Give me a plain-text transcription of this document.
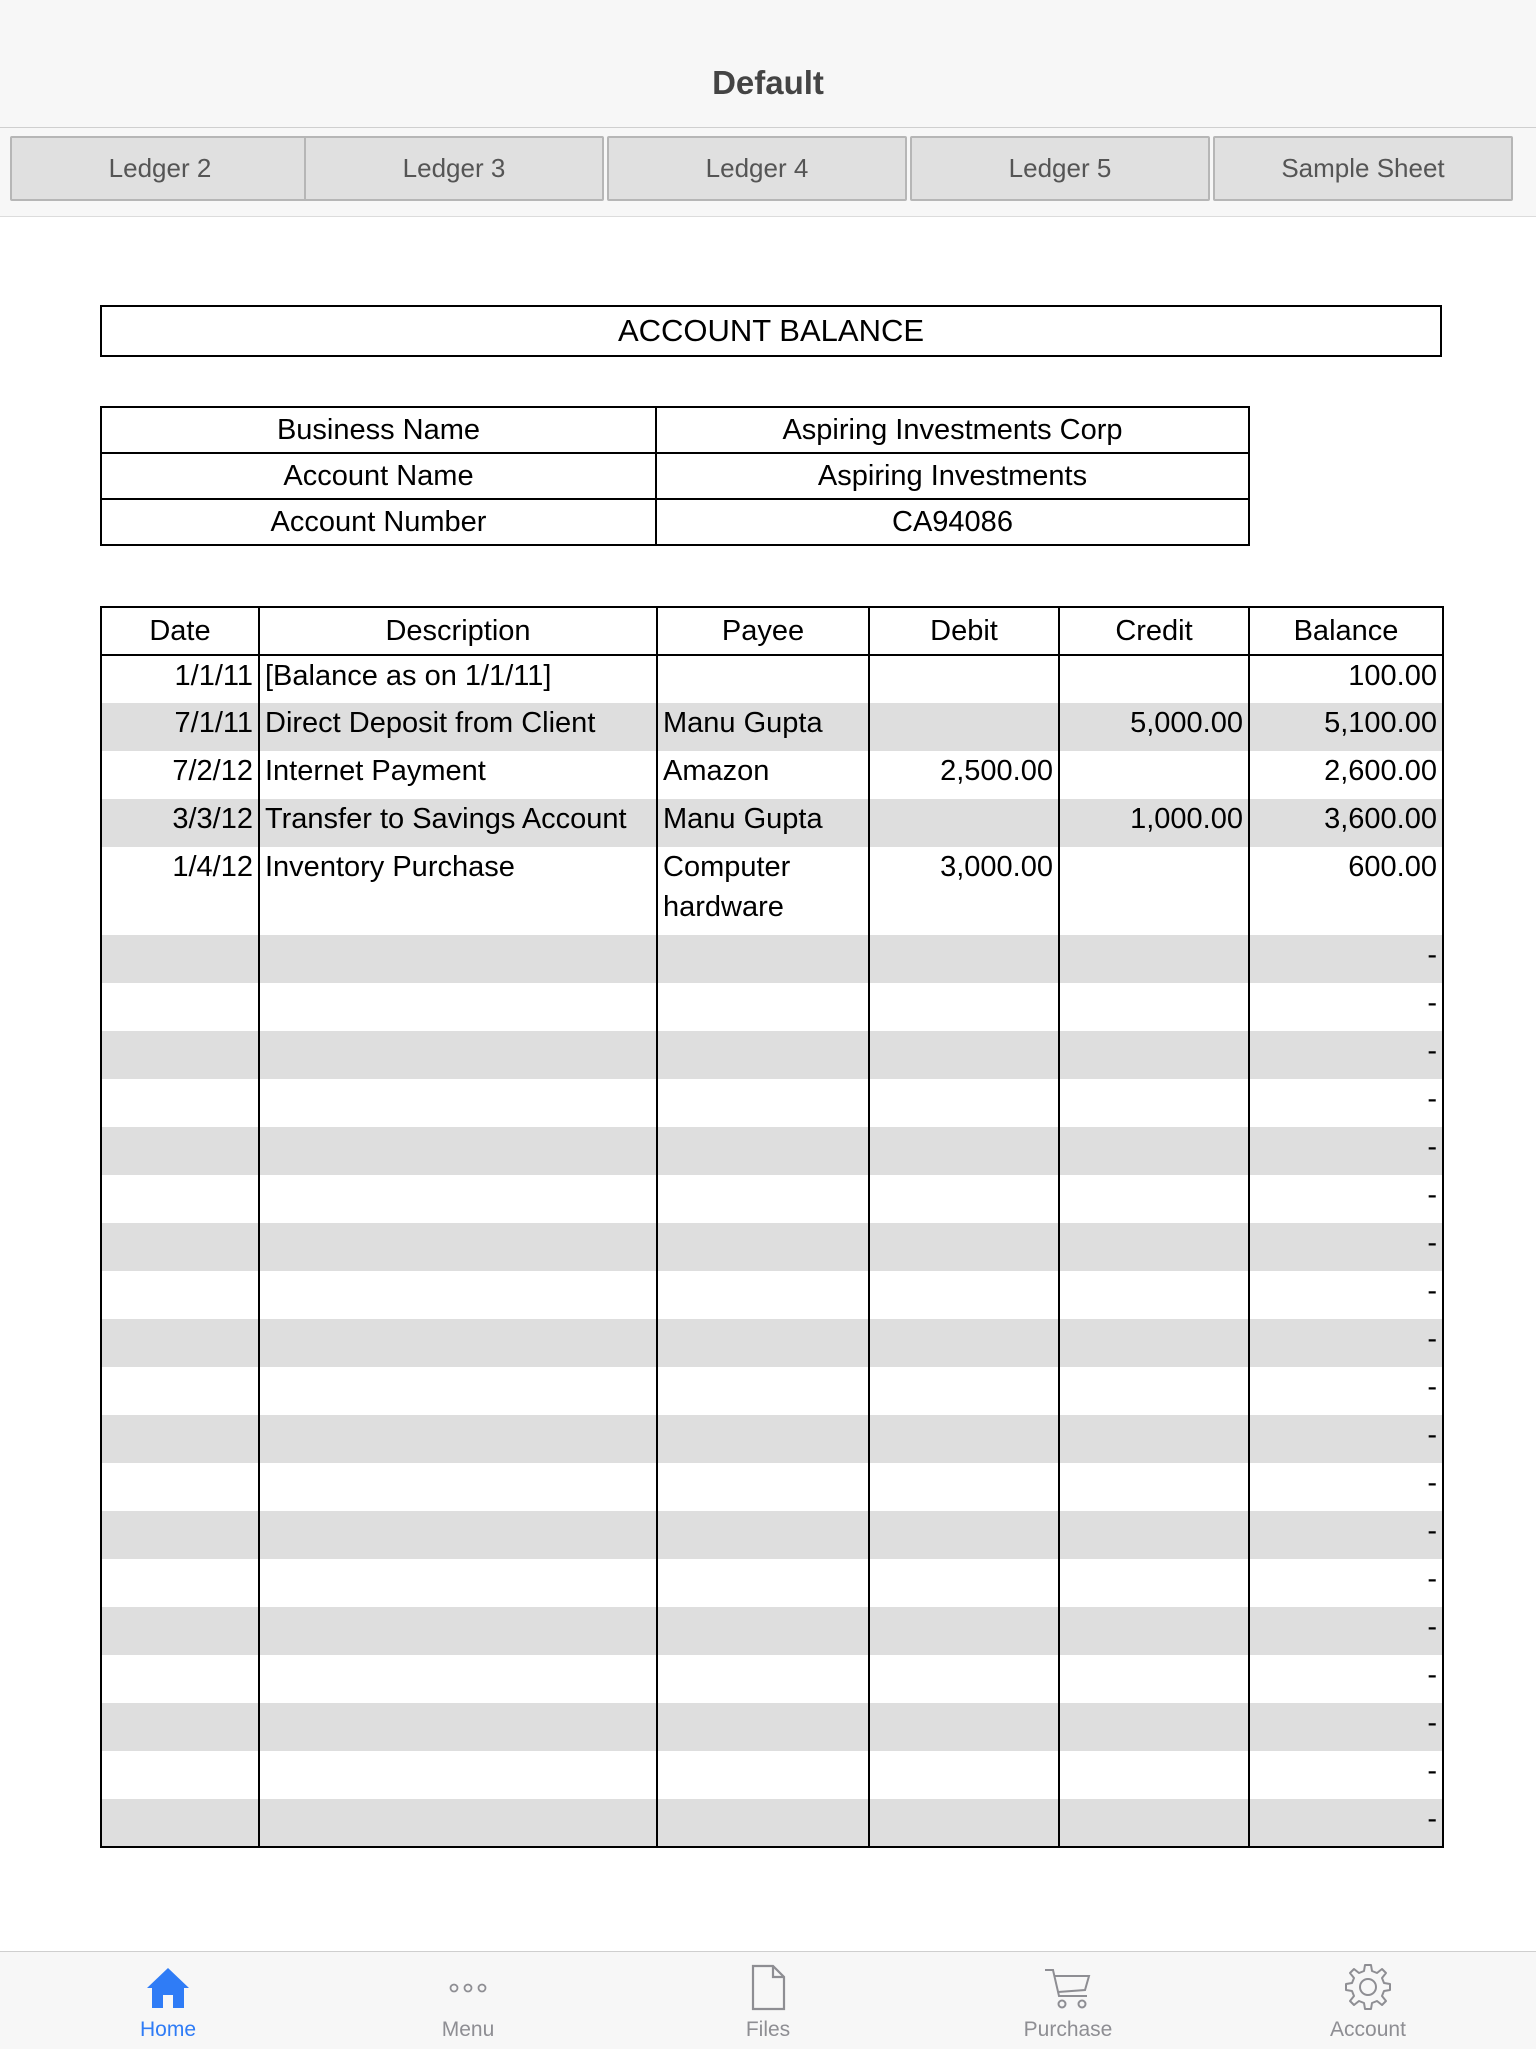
Default
Ledger 2	Ledger 3	Ledger 4	Ledger 5	Sample Sheet
ACCOUNT BALANCE
Business Name	Aspiring Investments Corp
Account Name	Aspiring Investments
Account Number	CA94086
Date	Description	Payee	Debit	Credit	Balance
1/1/11	[Balance as on 1/1/11]				100.00
7/1/11	Direct Deposit from Client	Manu Gupta		5,000.00	5,100.00
7/2/12	Internet Payment	Amazon	2,500.00		2,600.00
3/3/12	Transfer to Savings Account	Manu Gupta		1,000.00	3,600.00
1/4/12	Inventory Purchase	Computer hardware	3,000.00		600.00
					-
					-
					-
					-
					-
					-
					-
					-
					-
					-
					-
					-
					-
					-
					-
					-
					-
					-
					-
Home	Menu	Files	Purchase	Account
